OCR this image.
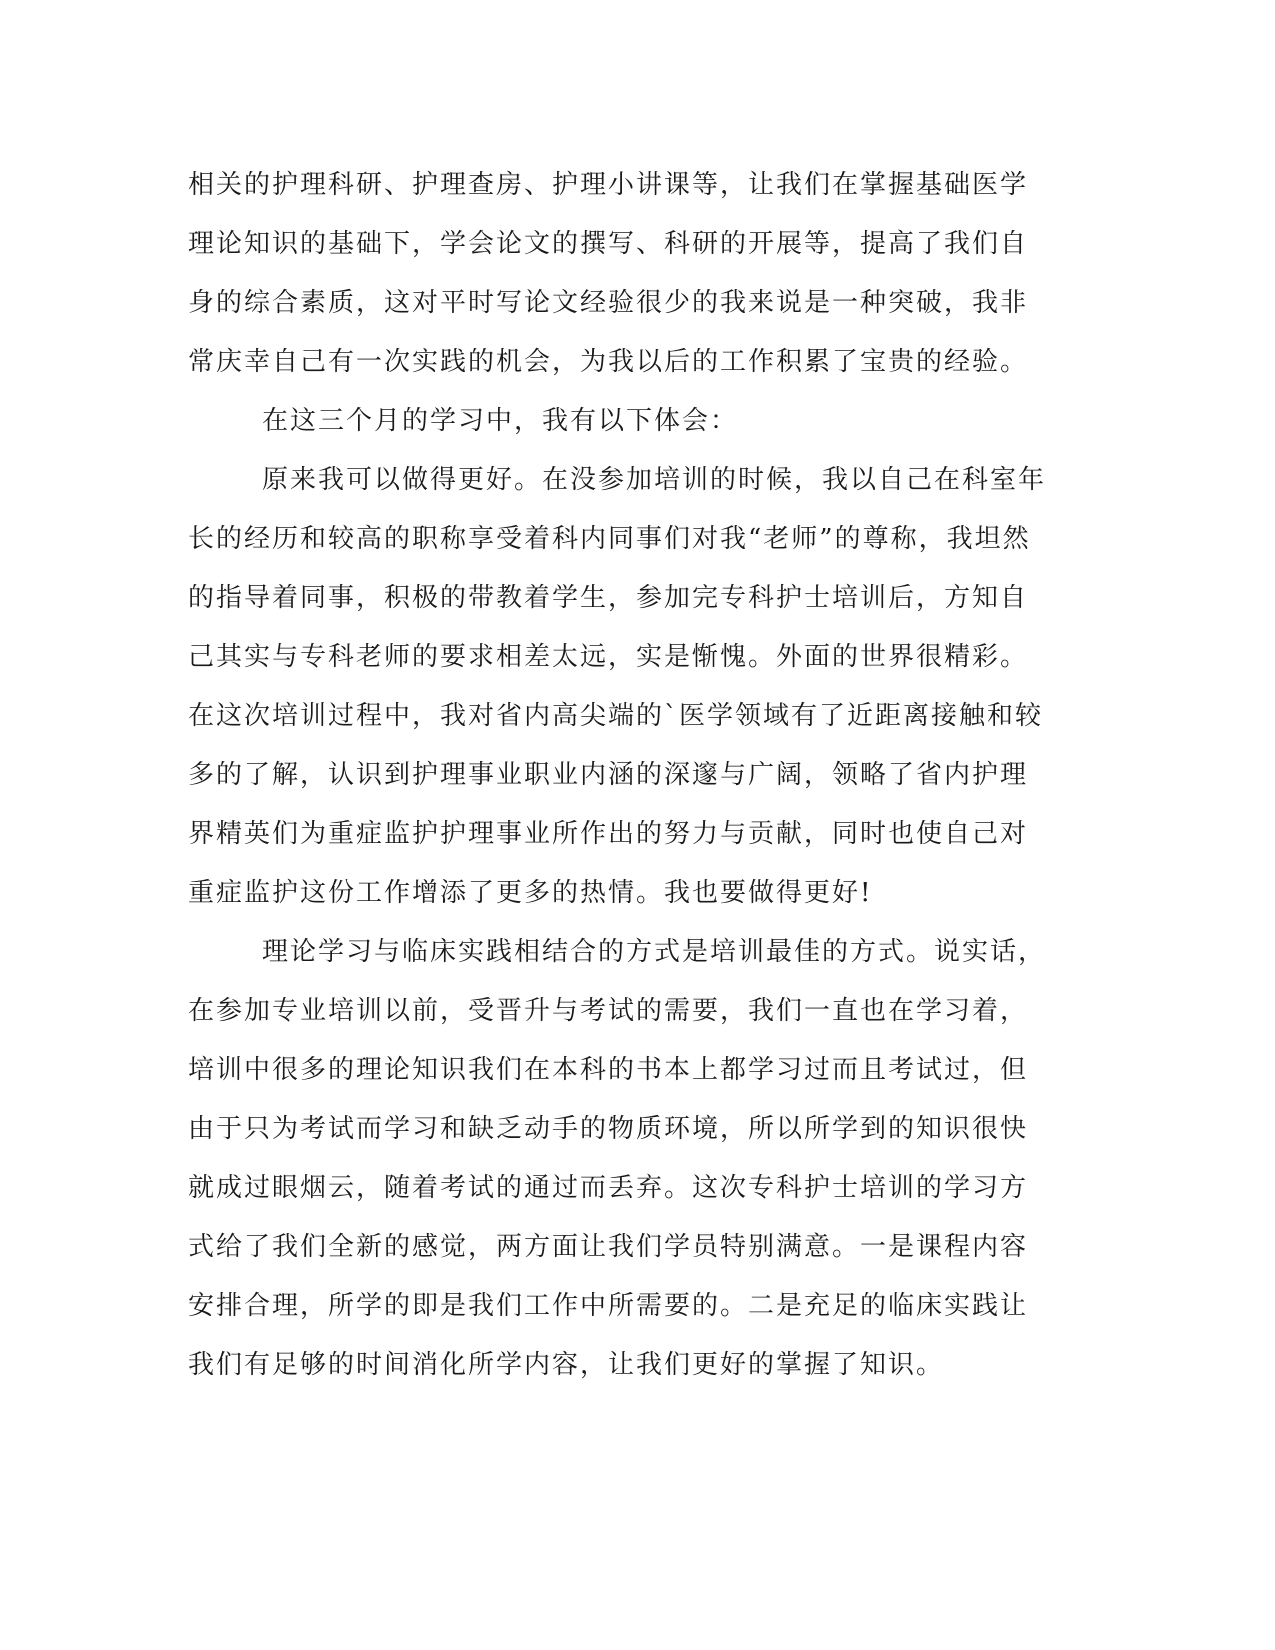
相关的护理科研、护理查房、护理小讲课等，让我们在掌握基础医学
理论知识的基础下，学会论文的撰写、科研的开展等，提高了我们自
身的综合素质，这对平时写论文经验很少的我来说是一种突破，我非
常庆幸自己有一次实践的机会，为我以后的工作积累了宝贵的经验。
在这三个月的学习中，我有以下体会：
原来我可以做得更好。在没参加培训的时候，我以自己在科室年
长的经历和较高的职称享受着科内同事们对我“老师”的尊称，我坦然
的指导着同事，积极的带教着学生，参加完专科护士培训后，方知自
己其实与专科老师的要求相差太远，实是惭愧。外面的世界很精彩。
在这次培训过程中，我对省内高尖端的`医学领域有了近距离接触和较
多的了解，认识到护理事业职业内涵的深邃与广阔，领略了省内护理
界精英们为重症监护护理事业所作出的努力与贡献，同时也使自己对
重症监护这份工作增添了更多的热情。我也要做得更好!
理论学习与临床实践相结合的方式是培训最佳的方式。说实话，
在参加专业培训以前，受晋升与考试的需要，我们一直也在学习着，
培训中很多的理论知识我们在本科的书本上都学习过而且考试过，但
由于只为考试而学习和缺乏动手的物质环境，所以所学到的知识很快
就成过眼烟云，随着考试的通过而丢弃。这次专科护士培训的学习方
式给了我们全新的感觉，两方面让我们学员特别满意。一是课程内容
安排合理，所学的即是我们工作中所需要的。二是充足的临床实践让
我们有足够的时间消化所学内容，让我们更好的掌握了知识。
